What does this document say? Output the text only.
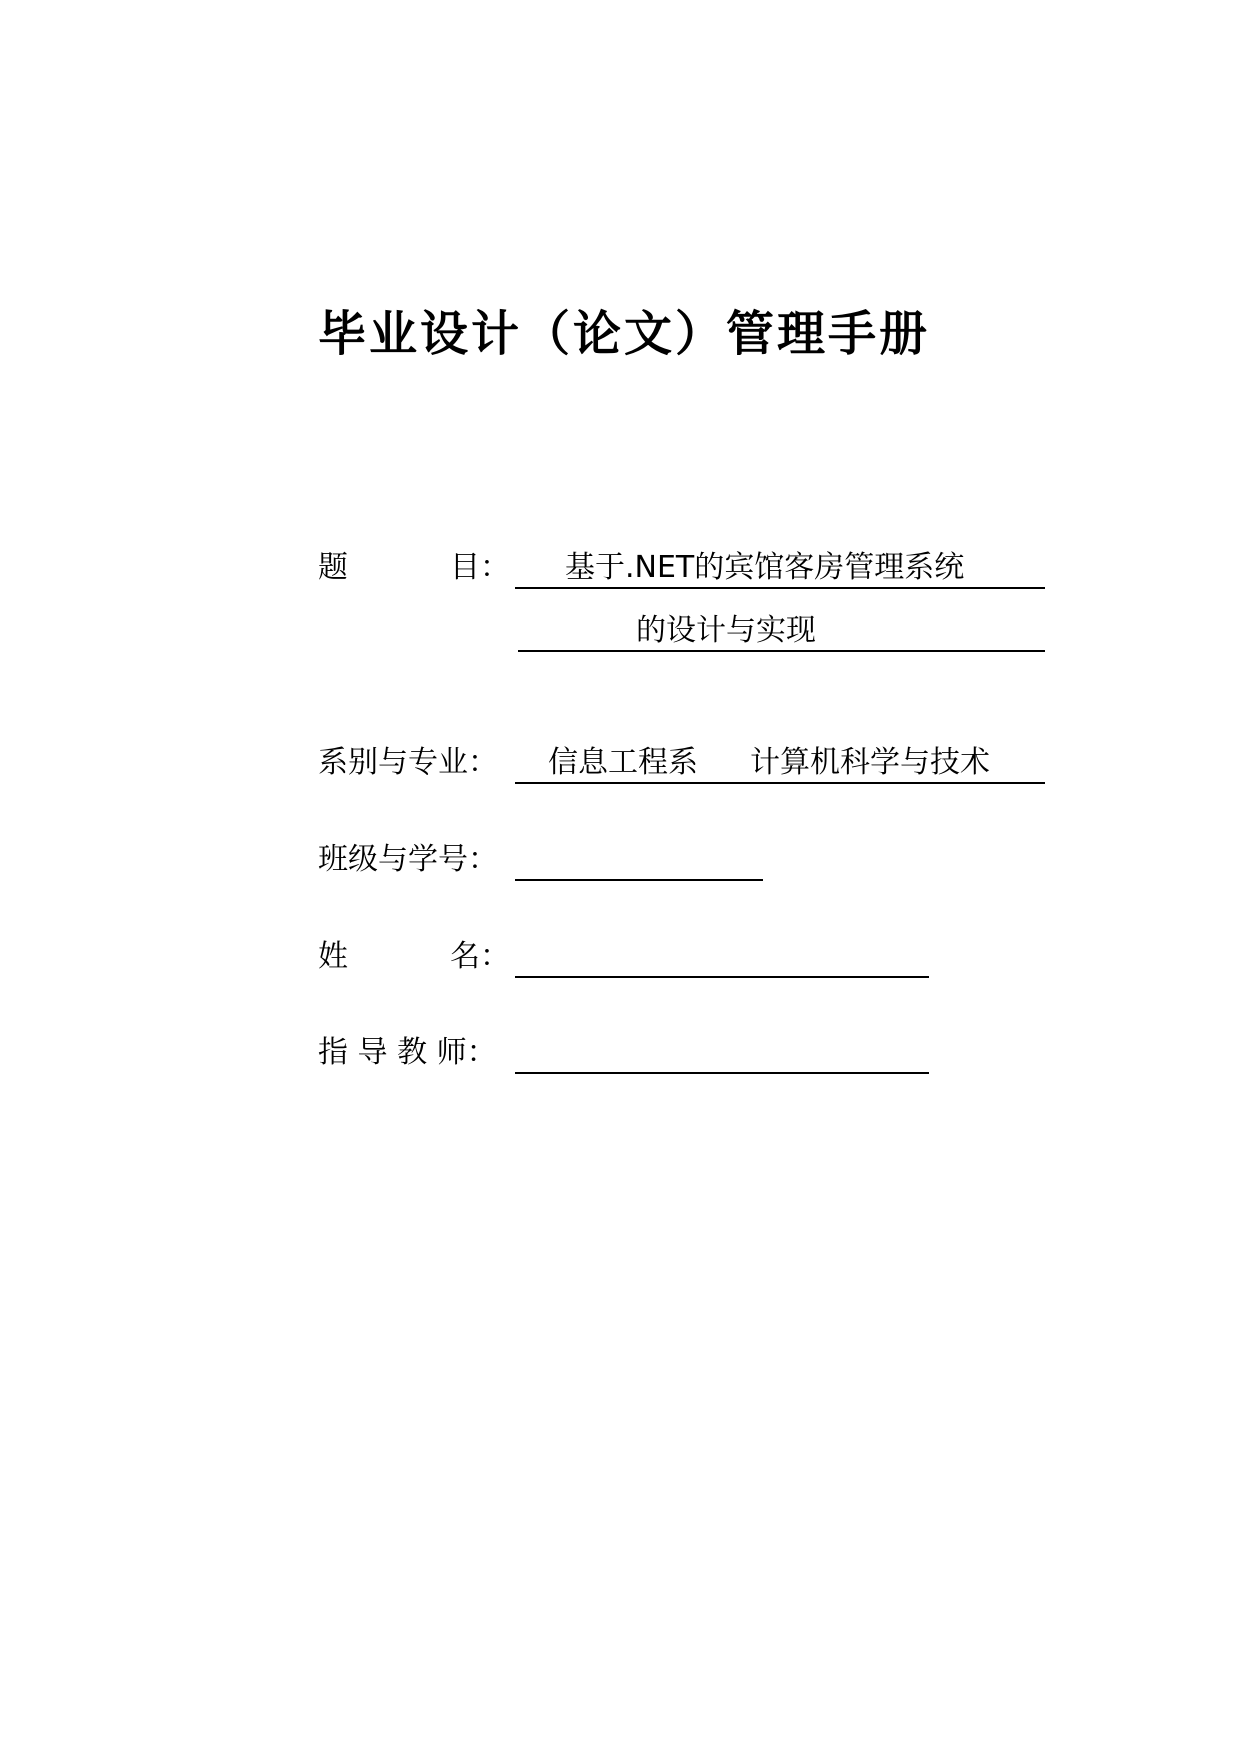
毕业设计（论文）管理手册
题	目： 基于.NET的宾馆客房管理系统
的设计与实现
系别与专业： 信息工程系 计算机科学与技术
班级与学号：
姓	名：
指 导 教 师：
